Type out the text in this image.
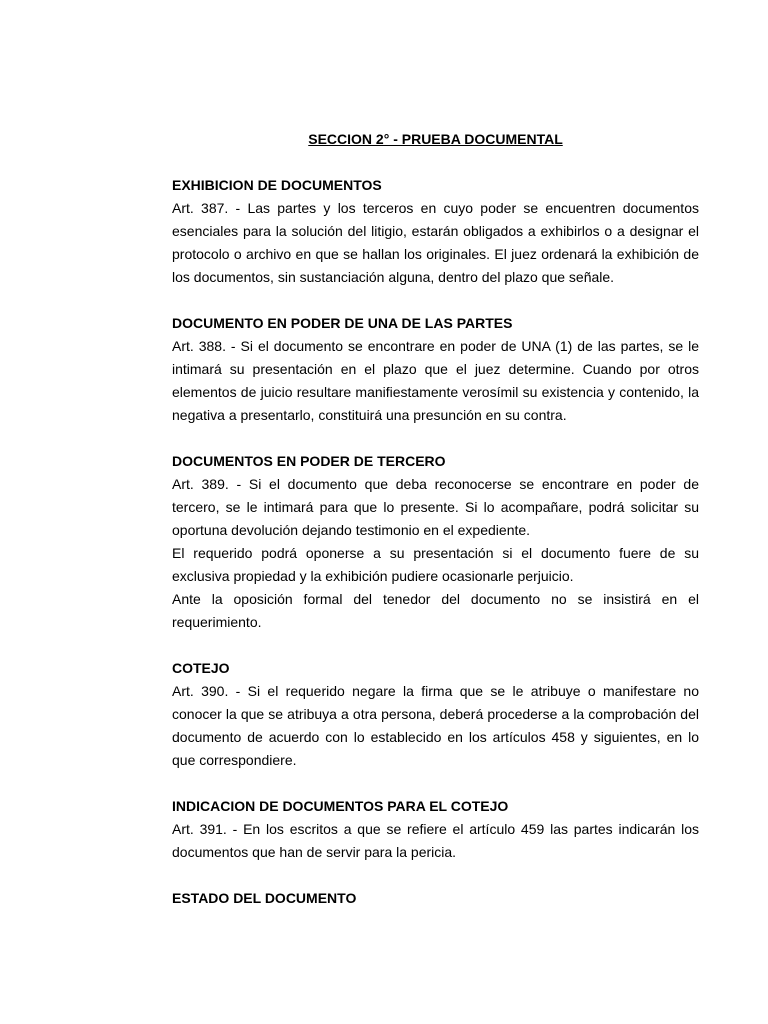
SECCION 2° - PRUEBA DOCUMENTAL

EXHIBICION DE DOCUMENTOS

Art. 387. - Las partes y los terceros en cuyo poder se encuentren documentos esenciales para la solución del litigio, estarán obligados a exhibirlos o a designar el protocolo o archivo en que se hallan los originales. El juez ordenará la exhibición de los documentos, sin sustanciación alguna, dentro del plazo que señale.

DOCUMENTO EN PODER DE UNA DE LAS PARTES

Art. 388. - Si el documento se encontrare en poder de UNA (1) de las partes, se le intimará su presentación en el plazo que el juez determine. Cuando por otros elementos de juicio resultare manifiestamente verosímil su existencia y contenido, la negativa a presentarlo, constituirá una presunción en su contra.

DOCUMENTOS EN PODER DE TERCERO

Art. 389. - Si el documento que deba reconocerse se encontrare en poder de tercero, se le intimará para que lo presente. Si lo acompañare, podrá solicitar su oportuna devolución dejando testimonio en el expediente.

El requerido podrá oponerse a su presentación si el documento fuere de su exclusiva propiedad y la exhibición pudiere ocasionarle perjuicio.

Ante la oposición formal del tenedor del documento no se insistirá en el requerimiento.

COTEJO

Art. 390. - Si el requerido negare la firma que se le atribuye o manifestare no conocer la que se atribuya a otra persona, deberá procederse a la comprobación del documento de acuerdo con lo establecido en los artículos 458 y siguientes, en lo que correspondiere.

INDICACION DE DOCUMENTOS PARA EL COTEJO

Art. 391. - En los escritos a que se refiere el artículo 459 las partes indicarán los documentos que han de servir para la pericia.

ESTADO DEL DOCUMENTO
